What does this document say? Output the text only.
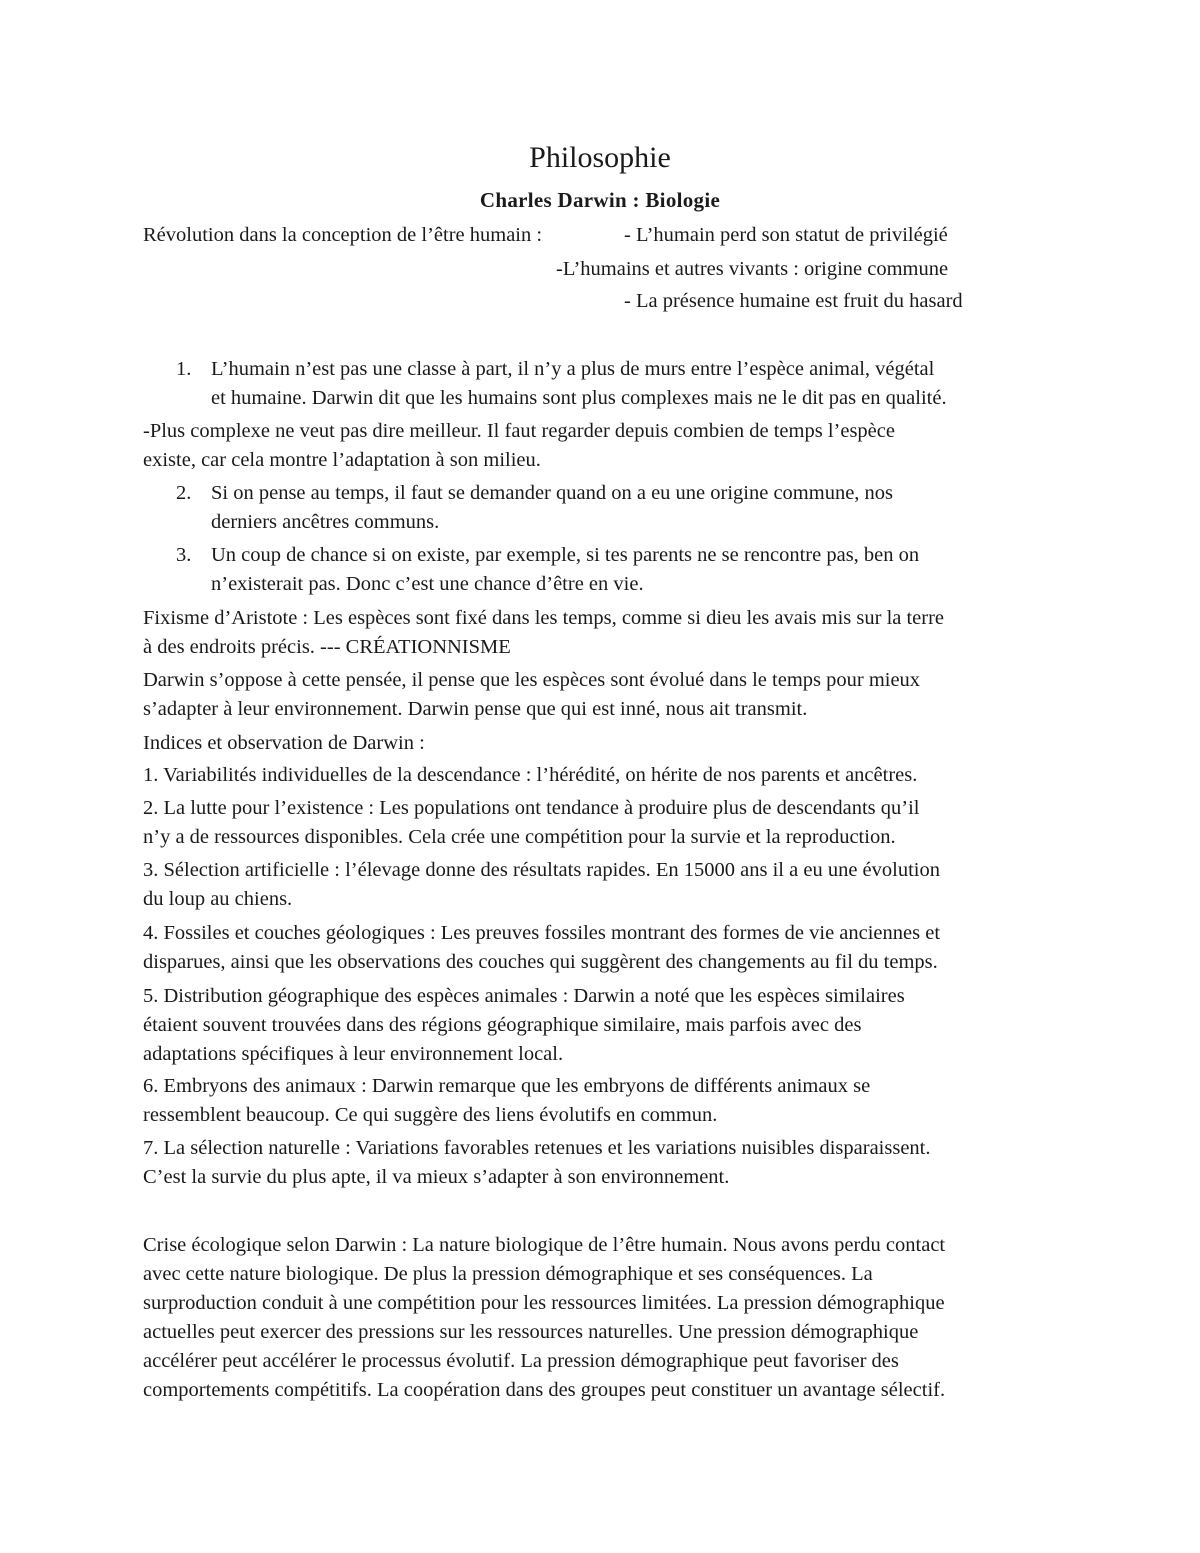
Philosophie
Charles Darwin : Biologie
Révolution dans la conception de l’être humain :	- L’humain perd son statut de privilégié
-L’humains et autres vivants : origine commune
- La présence humaine est fruit du hasard
1. L’humain n’est pas une classe à part, il n’y a plus de murs entre l’espèce animal, végétal
et humaine. Darwin dit que les humains sont plus complexes mais ne le dit pas en qualité.
-Plus complexe ne veut pas dire meilleur. Il faut regarder depuis combien de temps l’espèce
existe, car cela montre l’adaptation à son milieu.
2. Si on pense au temps, il faut se demander quand on a eu une origine commune, nos
derniers ancêtres communs.
3. Un coup de chance si on existe, par exemple, si tes parents ne se rencontre pas, ben on
n’existerait pas. Donc c’est une chance d’être en vie.
Fixisme d’Aristote : Les espèces sont fixé dans les temps, comme si dieu les avais mis sur la terre
à des endroits précis. --- CRÉATIONNISME
Darwin s’oppose à cette pensée, il pense que les espèces sont évolué dans le temps pour mieux
s’adapter à leur environnement. Darwin pense que qui est inné, nous ait transmit.
Indices et observation de Darwin :
1. Variabilités individuelles de la descendance : l’hérédité, on hérite de nos parents et ancêtres.
2. La lutte pour l’existence : Les populations ont tendance à produire plus de descendants qu’il
n’y a de ressources disponibles. Cela crée une compétition pour la survie et la reproduction.
3. Sélection artificielle : l’élevage donne des résultats rapides. En 15000 ans il a eu une évolution
du loup au chiens.
4. Fossiles et couches géologiques : Les preuves fossiles montrant des formes de vie anciennes et
disparues, ainsi que les observations des couches qui suggèrent des changements au fil du temps.
5. Distribution géographique des espèces animales : Darwin a noté que les espèces similaires
étaient souvent trouvées dans des régions géographique similaire, mais parfois avec des
adaptations spécifiques à leur environnement local.
6. Embryons des animaux : Darwin remarque que les embryons de différents animaux se
ressemblent beaucoup. Ce qui suggère des liens évolutifs en commun.
7. La sélection naturelle : Variations favorables retenues et les variations nuisibles disparaissent.
C’est la survie du plus apte, il va mieux s’adapter à son environnement.
Crise écologique selon Darwin : La nature biologique de l’être humain. Nous avons perdu contact
avec cette nature biologique. De plus la pression démographique et ses conséquences. La
surproduction conduit à une compétition pour les ressources limitées. La pression démographique
actuelles peut exercer des pressions sur les ressources naturelles. Une pression démographique
accélérer peut accélérer le processus évolutif. La pression démographique peut favoriser des
comportements compétitifs. La coopération dans des groupes peut constituer un avantage sélectif.
